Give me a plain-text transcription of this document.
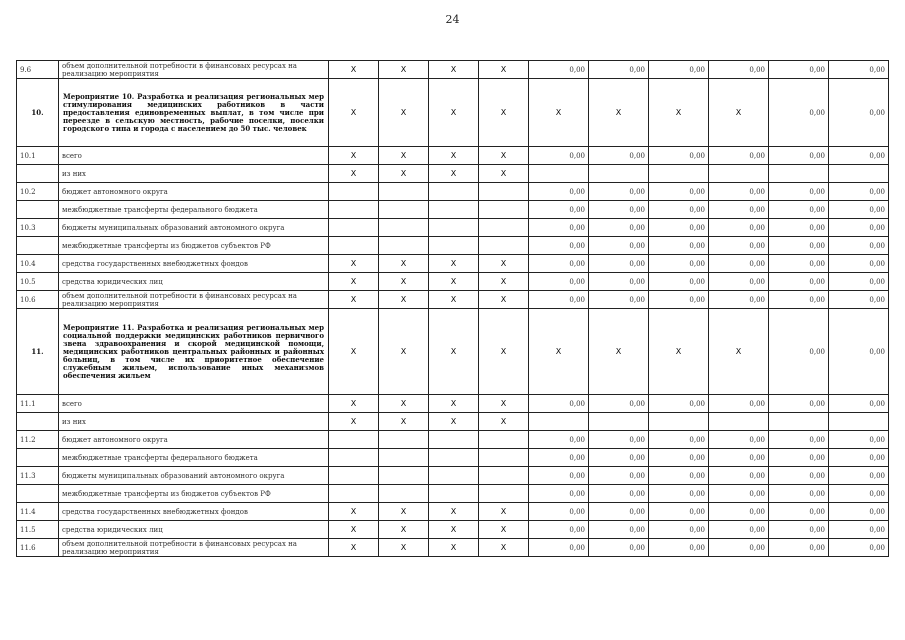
24
9.6	объем дополнительной потребности в финансовых ресурсах на реализацию мероприятия	X	X	X	X	0,00	0,00	0,00	0,00	0,00	0,00
10.	Мероприятие 10. Разработка и реализация региональных мер стимулирования медицинских работников в части предоставления единовременных выплат, в том числе при переезде в сельскую местность, рабочие поселки, поселки городского типа и города с населением до 50 тыс. человек	X	X	X	X	X	X	X	X	0,00	0,00
10.1	всего	X	X	X	X	0,00	0,00	0,00	0,00	0,00	0,00
	из них	X	X	X	X						
10.2	бюджет автономного округа					0,00	0,00	0,00	0,00	0,00	0,00
	межбюджетные трансферты федерального бюджета					0,00	0,00	0,00	0,00	0,00	0,00
10.3	бюджеты муниципальных образований автономного округа					0,00	0,00	0,00	0,00	0,00	0,00
	межбюджетные трансферты из бюджетов субъектов РФ					0,00	0,00	0,00	0,00	0,00	0,00
10.4	средства государственных внебюджетных фондов	X	X	X	X	0,00	0,00	0,00	0,00	0,00	0,00
10.5	средства юридических лиц	X	X	X	X	0,00	0,00	0,00	0,00	0,00	0,00
10.6	объем дополнительной потребности в финансовых ресурсах на реализацию мероприятия	X	X	X	X	0,00	0,00	0,00	0,00	0,00	0,00
11.	Мероприятие 11. Разработка и реализация региональных мер социальной поддержки медицинских работников первичного звена здравоохранения и скорой медицинской помощи, медицинских работников центральных районных и районных больниц, в том числе их приоритетное обеспечение служебным жильем, использование иных механизмов обеспечения жильем	X	X	X	X	X	X	X	X	0,00	0,00
11.1	всего	X	X	X	X	0,00	0,00	0,00	0,00	0,00	0,00
	из них	X	X	X	X						
11.2	бюджет автономного округа					0,00	0,00	0,00	0,00	0,00	0,00
	межбюджетные трансферты федерального бюджета					0,00	0,00	0,00	0,00	0,00	0,00
11.3	бюджеты муниципальных образований автономного округа					0,00	0,00	0,00	0,00	0,00	0,00
	межбюджетные трансферты из бюджетов субъектов РФ					0,00	0,00	0,00	0,00	0,00	0,00
11.4	средства государственных внебюджетных фондов	X	X	X	X	0,00	0,00	0,00	0,00	0,00	0,00
11.5	средства юридических лиц	X	X	X	X	0,00	0,00	0,00	0,00	0,00	0,00
11.6	объем дополнительной потребности в финансовых ресурсах на реализацию мероприятия	X	X	X	X	0,00	0,00	0,00	0,00	0,00	0,00
